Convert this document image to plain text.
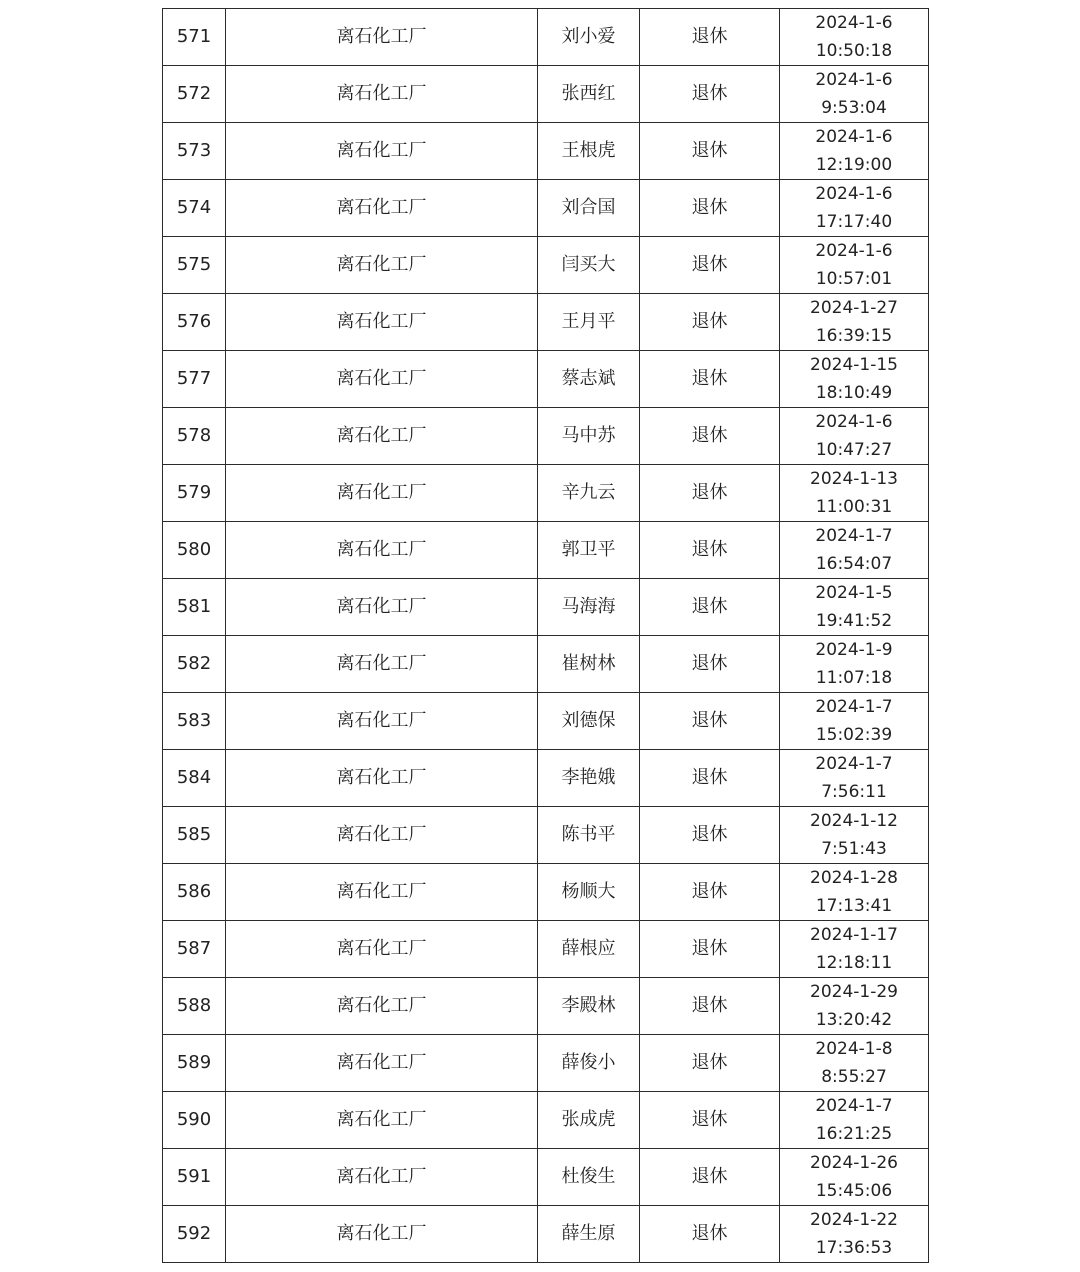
571	离石化工厂	刘小爱	退休	2024-1-6
10:50:18

572	离石化工厂	张西红	退休	2024-1-6
9:53:04

573	离石化工厂	王根虎	退休	2024-1-6
12:19:00

574	离石化工厂	刘合国	退休	2024-1-6
17:17:40

575	离石化工厂	闫买大	退休	2024-1-6
10:57:01

576	离石化工厂	王月平	退休	2024-1-27
16:39:15

577	离石化工厂	蔡志斌	退休	2024-1-15
18:10:49

578	离石化工厂	马中苏	退休	2024-1-6
10:47:27

579	离石化工厂	辛九云	退休	2024-1-13
11:00:31

580	离石化工厂	郭卫平	退休	2024-1-7
16:54:07

581	离石化工厂	马海海	退休	2024-1-5
19:41:52

582	离石化工厂	崔树林	退休	2024-1-9
11:07:18

583	离石化工厂	刘德保	退休	2024-1-7
15:02:39

584	离石化工厂	李艳娥	退休	2024-1-7
7:56:11

585	离石化工厂	陈书平	退休	2024-1-12
7:51:43

586	离石化工厂	杨顺大	退休	2024-1-28
17:13:41

587	离石化工厂	薛根应	退休	2024-1-17
12:18:11

588	离石化工厂	李殿林	退休	2024-1-29
13:20:42

589	离石化工厂	薛俊小	退休	2024-1-8
8:55:27

590	离石化工厂	张成虎	退休	2024-1-7
16:21:25

591	离石化工厂	杜俊生	退休	2024-1-26
15:45:06

592	离石化工厂	薛生原	退休	2024-1-22
17:36:53
